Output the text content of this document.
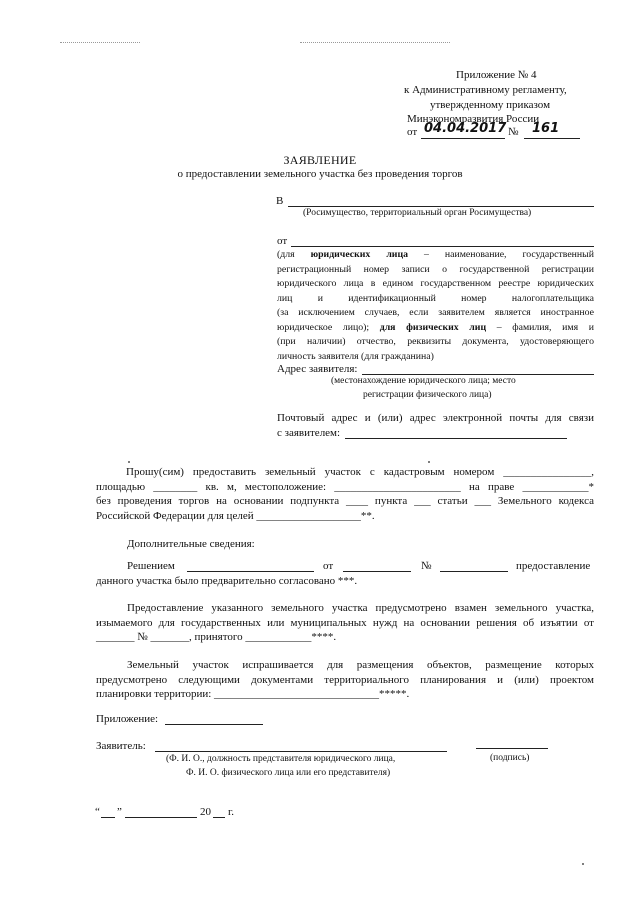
Приложение № 4
к Административному регламенту,
утвержденному приказом
Минэкономразвития России
от 04.04.2017 № 161
ЗАЯВЛЕНИЕ
о предоставлении земельного участка без проведения торгов
В
(Росимущество, территориальный орган Росимущества)
от
(для юридических лица – наименование, государственный
регистрационный номер записи о государственной регистрации
юридического лица в едином государственном реестре юридических
лиц и идентификационный номер налогоплательщика
(за исключением случаев, если заявителем является иностранное
юридическое лицо); для физических лиц – фамилия, имя и
(при наличии) отчество, реквизиты документа, удостоверяющего
личность заявителя (для гражданина)
Адрес заявителя:
(местонахождение юридического лица; место
регистрации физического лица)
Почтовый адрес и (или) адрес электронной почты для связи
с заявителем:
Прошу(сим) предоставить земельный участок с кадастровым номером ________________,
площадью ________ кв. м, местоположение: _______________________ на праве ____________*
без проведения торгов на основании подпункта ____ пункта ___ статьи ___ Земельного кодекса
Российской Федерации для целей ___________________**.
Дополнительные сведения:
Решением	от	№	предоставление
данного участка было предварительно согласовано ***.
Предоставление указанного земельного участка предусмотрено взамен земельного участка,
изымаемого для государственных или муниципальных нужд на основании решения об изъятии от
_______ № _______, принятого ____________****.
Земельный участок испрашивается для размещения объектов, размещение которых
предусмотрено следующими документами территориального планирования и (или) проектом
планировки территории: ______________________________*****.
Приложение:
Заявитель:
(Ф. И. О., должность представителя юридического лица,
Ф. И. О. физического лица или его представителя)
(подпись)
“ ”	20 г.
